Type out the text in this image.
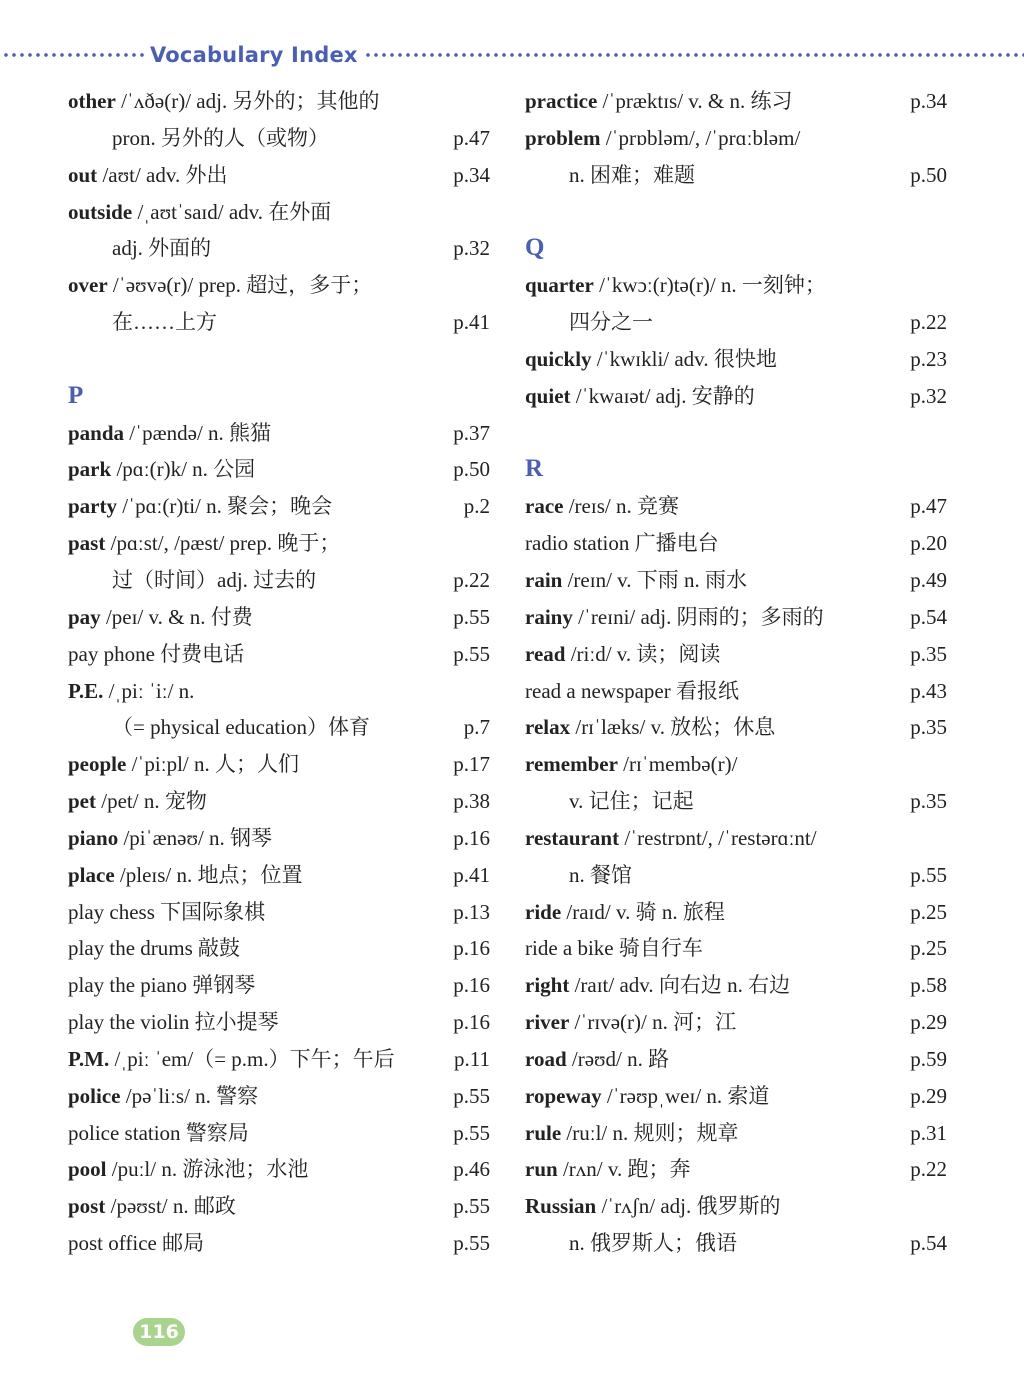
Vocabulary Index
other /ˈʌðə(r)/ adj. 另外的；其他的
pron. 另外的人（或物）	p.47
out /aʊt/ adv. 外出	p.34
outside /ˌaʊtˈsaɪd/ adv. 在外面
adj. 外面的	p.32
over /ˈəʊvə(r)/ prep. 超过，多于；
在……上方	p.41
P
panda /ˈpændə/ n. 熊猫	p.37
park /pɑː(r)k/ n. 公园	p.50
party /ˈpɑː(r)ti/ n. 聚会；晚会	p.2
past /pɑːst/, /pæst/ prep. 晚于；
过（时间）adj. 过去的	p.22
pay /peɪ/ v. & n. 付费	p.55
pay phone 付费电话	p.55
P.E. /ˌpiː ˈiː/ n.
（= physical education）体育	p.7
people /ˈpiːpl/ n. 人；人们	p.17
pet /pet/ n. 宠物	p.38
piano /piˈænəʊ/ n. 钢琴	p.16
place /pleɪs/ n. 地点；位置	p.41
play chess 下国际象棋	p.13
play the drums 敲鼓	p.16
play the piano 弹钢琴	p.16
play the violin 拉小提琴	p.16
P.M. /ˌpiː ˈem/（= p.m.）下午；午后	p.11
police /pəˈliːs/ n. 警察	p.55
police station 警察局	p.55
pool /puːl/ n. 游泳池；水池	p.46
post /pəʊst/ n. 邮政	p.55
post office 邮局	p.55
practice /ˈpræktɪs/ v. & n. 练习	p.34
problem /ˈprɒbləm/, /ˈprɑːbləm/
n. 困难；难题	p.50
Q
quarter /ˈkwɔː(r)tə(r)/ n. 一刻钟；
四分之一	p.22
quickly /ˈkwɪkli/ adv. 很快地	p.23
quiet /ˈkwaɪət/ adj. 安静的	p.32
R
race /reɪs/ n. 竞赛	p.47
radio station 广播电台	p.20
rain /reɪn/ v. 下雨 n. 雨水	p.49
rainy /ˈreɪni/ adj. 阴雨的；多雨的	p.54
read /riːd/ v. 读；阅读	p.35
read a newspaper 看报纸	p.43
relax /rɪˈlæks/ v. 放松；休息	p.35
remember /rɪˈmembə(r)/
v. 记住；记起	p.35
restaurant /ˈrestrɒnt/, /ˈrestərɑːnt/
n. 餐馆	p.55
ride /raɪd/ v. 骑 n. 旅程	p.25
ride a bike 骑自行车	p.25
right /raɪt/ adv. 向右边 n. 右边	p.58
river /ˈrɪvə(r)/ n. 河；江	p.29
road /rəʊd/ n. 路	p.59
ropeway /ˈrəʊpˌweɪ/ n. 索道	p.29
rule /ruːl/ n. 规则；规章	p.31
run /rʌn/ v. 跑；奔	p.22
Russian /ˈrʌʃn/ adj. 俄罗斯的
n. 俄罗斯人；俄语	p.54
116
